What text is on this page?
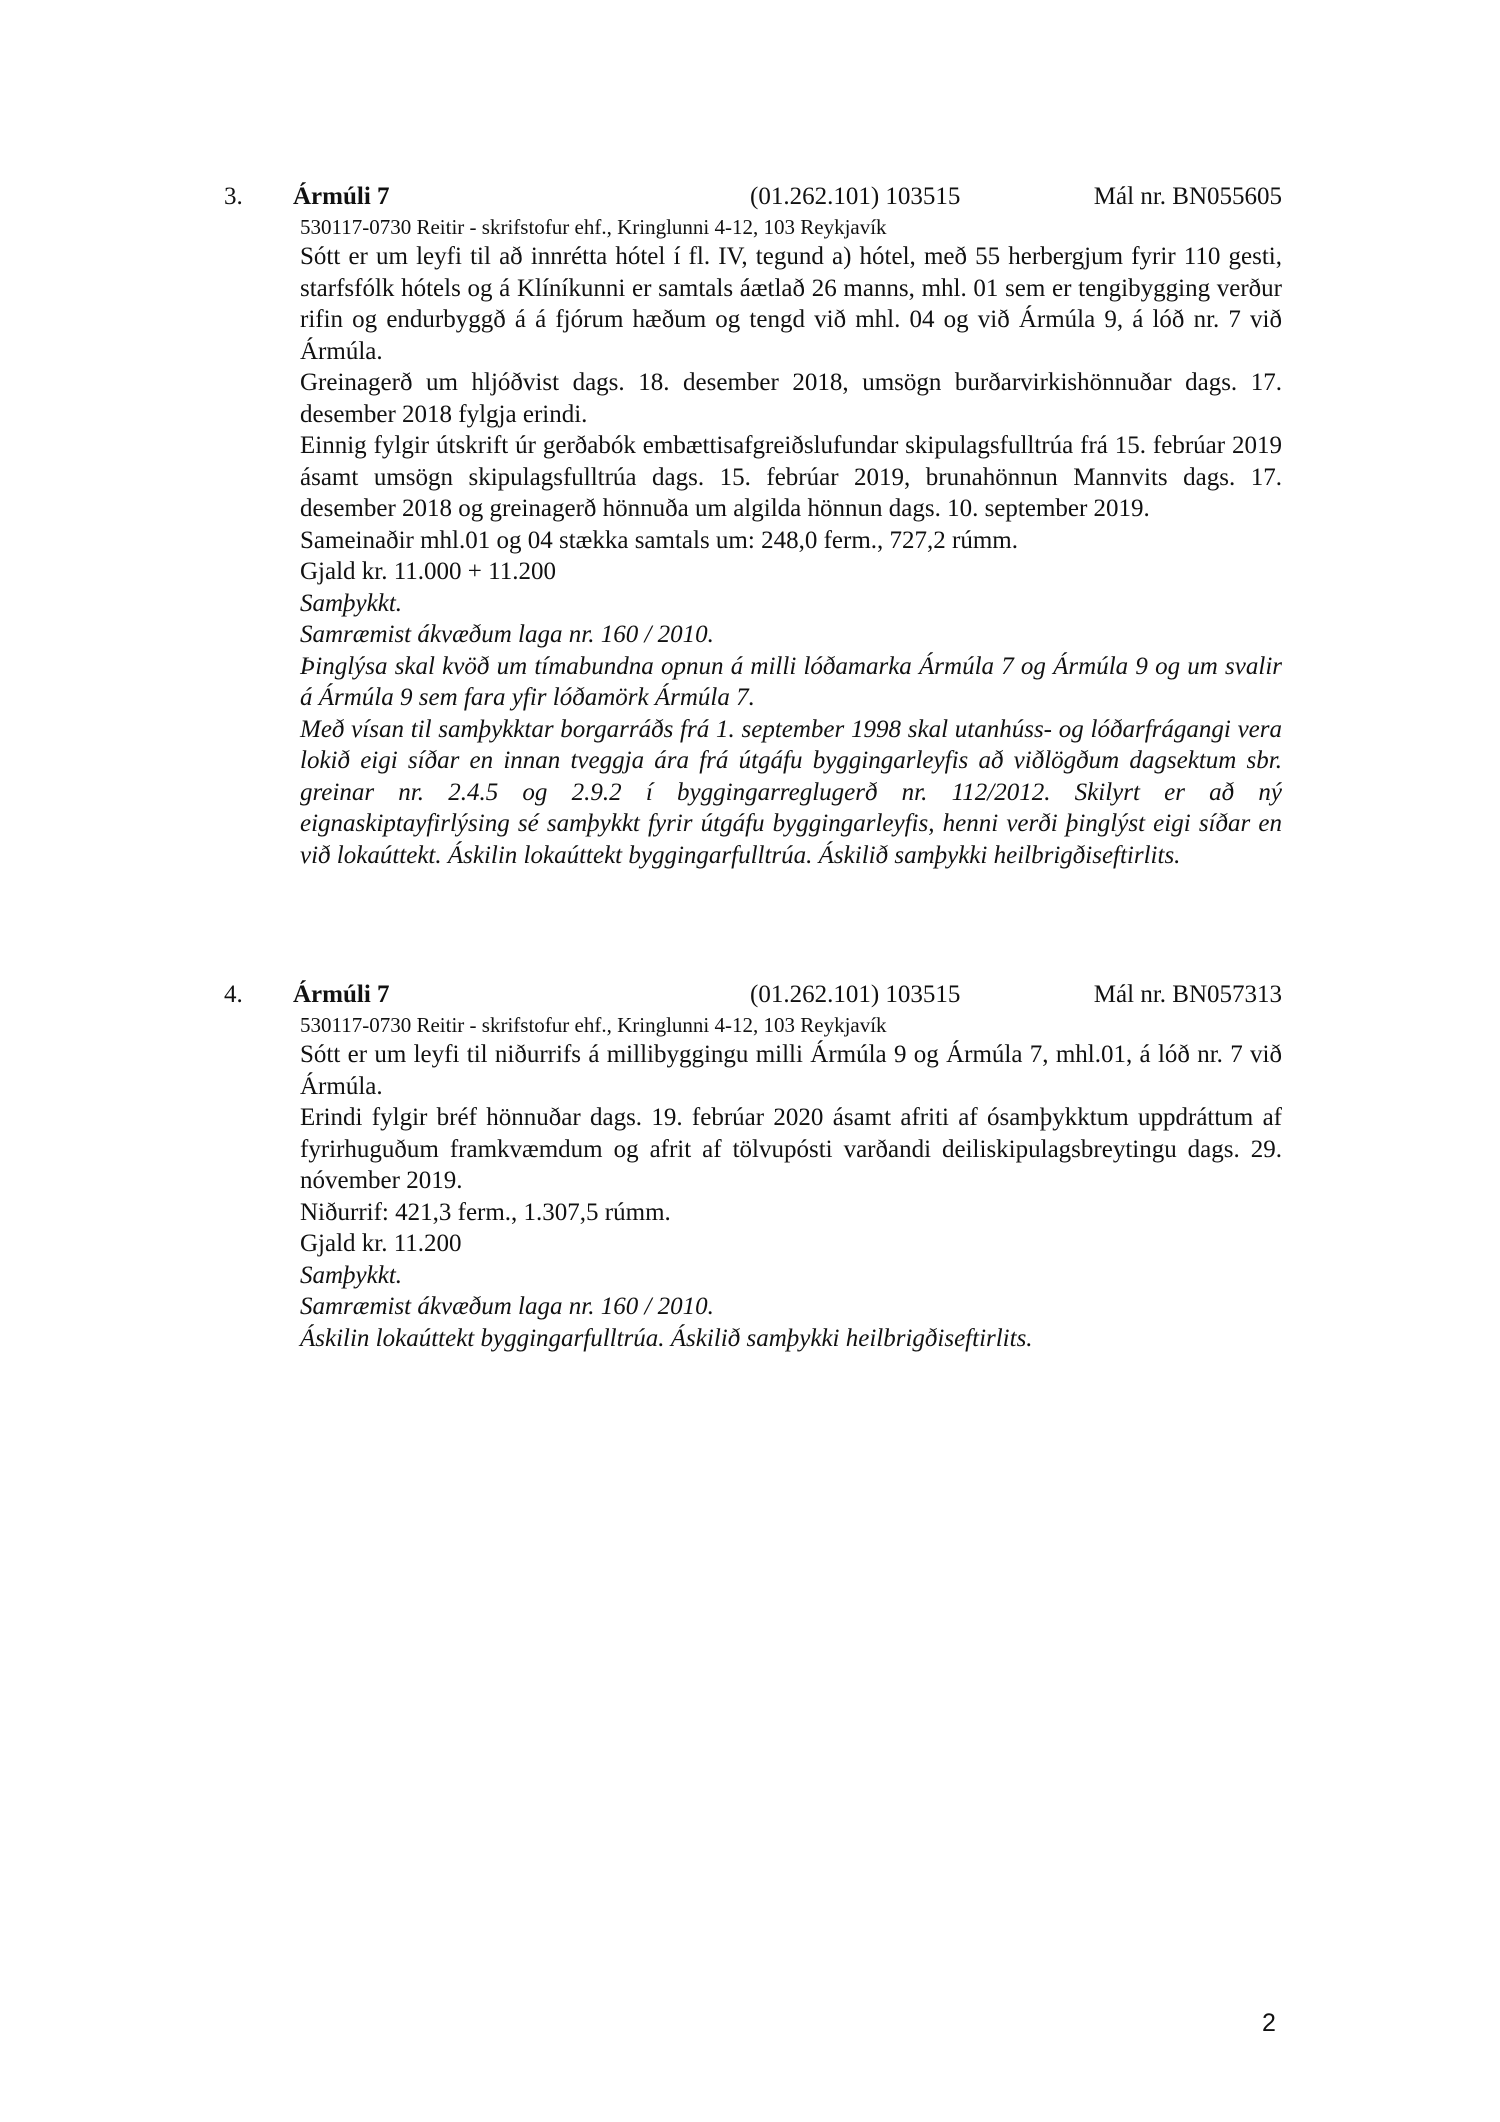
3. Ármúli 7	(01.262.101) 103515	Mál nr. BN055605

530117-0730 Reitir - skrifstofur ehf., Kringlunni 4-12, 103 Reykjavík

Sótt er um leyfi til að innrétta hótel í fl. IV, tegund a) hótel, með 55 herbergjum fyrir 110 gesti, starfsfólk hótels og á Klíníkunni er samtals áætlað 26 manns, mhl. 01 sem er tengibygging verður rifin og endurbyggð á á fjórum hæðum og tengd við mhl. 04 og við Ármúla 9, á lóð nr. 7 við Ármúla.

Greinagerð um hljóðvist dags. 18. desember 2018, umsögn burðarvirkishönnuðar dags. 17. desember 2018 fylgja erindi.

Einnig fylgir útskrift úr gerðabók embættisafgreiðslufundar skipulagsfulltrúa frá 15. febrúar 2019 ásamt umsögn skipulagsfulltrúa dags. 15. febrúar 2019, brunahönnun Mannvits dags. 17. desember 2018 og greinagerð hönnuða um algilda hönnun dags. 10. september 2019.

Sameinaðir mhl.01 og 04 stækka samtals um: 248,0 ferm., 727,2 rúmm.

Gjald kr. 11.000 + 11.200

Samþykkt.

Samræmist ákvæðum laga nr. 160 / 2010.

Þinglýsa skal kvöð um tímabundna opnun á milli lóðamarka Ármúla 7 og Ármúla 9 og um svalir á Ármúla 9 sem fara yfir lóðamörk Ármúla 7.

Með vísan til samþykktar borgarráðs frá 1. september 1998 skal utanhúss- og lóðarfrágangi vera lokið eigi síðar en innan tveggja ára frá útgáfu byggingarleyfis að viðlögðum dagsektum sbr. greinar nr. 2.4.5 og 2.9.2 í byggingarreglugerð nr. 112/2012. Skilyrt er að ný eignaskiptayfirlýsing sé samþykkt fyrir útgáfu byggingarleyfis, henni verði þinglýst eigi síðar en við lokaúttekt. Áskilin lokaúttekt byggingarfulltrúa. Áskilið samþykki heilbrigðiseftirlits.

4. Ármúli 7	(01.262.101) 103515	Mál nr. BN057313

530117-0730 Reitir - skrifstofur ehf., Kringlunni 4-12, 103 Reykjavík

Sótt er um leyfi til niðurrifs á millibyggingu milli Ármúla 9 og Ármúla 7, mhl.01, á lóð nr. 7 við Ármúla.

Erindi fylgir bréf hönnuðar dags. 19. febrúar 2020 ásamt afriti af ósamþykktum uppdráttum af fyrirhuguðum framkvæmdum og afrit af tölvupósti varðandi deiliskipulagsbreytingu dags. 29. nóvember 2019.

Niðurrif: 421,3 ferm., 1.307,5 rúmm.

Gjald kr. 11.200

Samþykkt.

Samræmist ákvæðum laga nr. 160 / 2010.

Áskilin lokaúttekt byggingarfulltrúa. Áskilið samþykki heilbrigðiseftirlits.

2
